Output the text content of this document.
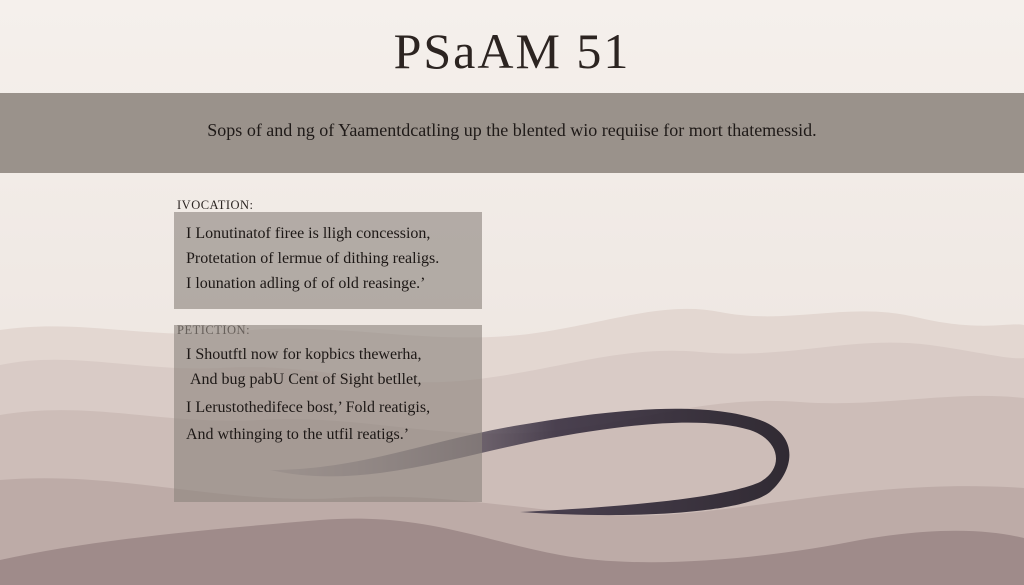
PSaAM 51
Sops of and ng of Yaamentdcatling up the blented wio requiise for mort thatemessid.
IVOCATION:
I Lonutinatof firee is lligh concession,
Protetation of lermue of dithing realigs.
I lounation adling of of old reasinge.’
I Shoutftl now for kopbics thewerha,
And bug pabU Cent of Sight betllet,
I Lerustothedifece bost,’ Fold reatigis,
And wthinging to the utfil reatigs.’
